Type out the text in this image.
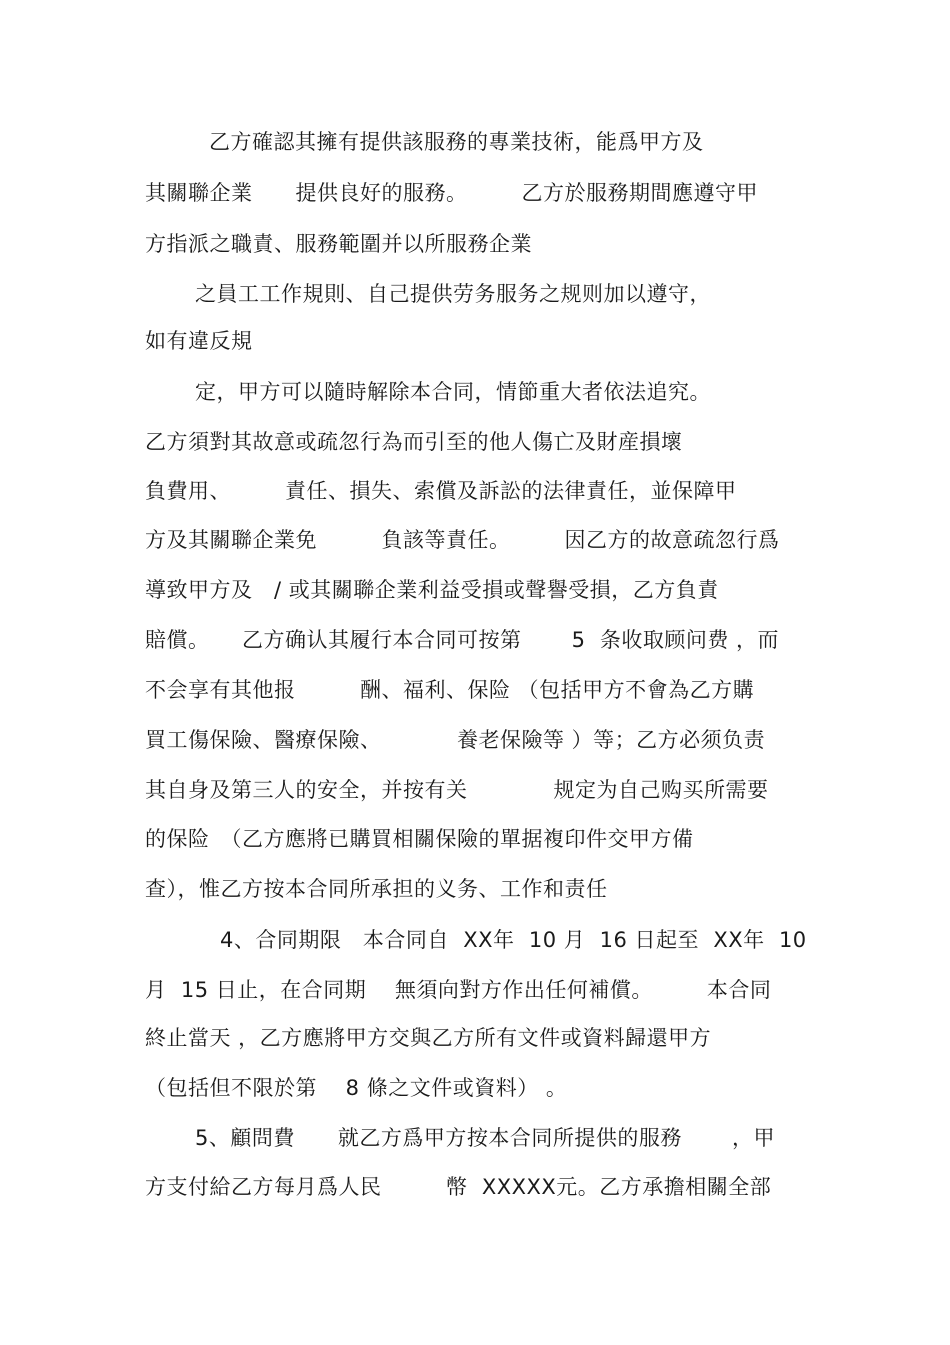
乙方確認其擁有提供該服務的專業技術，能爲甲方及
其關聯企業　　提供良好的服務。　　　乙方於服務期間應遵守甲
方指派之職責、服務範圍并以所服務企業
之員工工作規則、自己提供劳务服务之规则加以遵守，
如有違反規
定，甲方可以隨時解除本合同，情節重大者依法追究。
乙方須對其故意或疏忽行為而引至的他人傷亡及財産損壞
負費用、　　　責任、損失、索償及訴訟的法律責任，並保障甲
方及其關聯企業免　　　負該等責任。　　　因乙方的故意疏忽行爲
導致甲方及　/ 或其關聯企業利益受損或聲譽受損，乙方負責
賠償。　　乙方确认其履行本合同可按第　　 5  条收取顾问费 ，而
不会享有其他报　　　酬、福利、保险 （包括甲方不會為乙方購
買工傷保險、醫療保險、　　　　養老保險等 ）等；乙方必须负责
其自身及第三人的安全，并按有关　　　　规定为自己购买所需要
的保险　（乙方應將已購買相關保險的單据複印件交甲方備
查），惟乙方按本合同所承担的义务、工作和责任
4、合同期限　本合同自  XX年  10 月  16 日起至  XX年  10
月  15 日止，在合同期　 無須向對方作出任何補償。　　　本合同
終止當天 ，乙方應將甲方交與乙方所有文件或資料歸還甲方
（包括但不限於第　 8 條之文件或資料） 。
5、顧問費　　就乙方爲甲方按本合同所提供的服務　　 ，甲
方支付給乙方每月爲人民　　　幣  XXXXX元。乙方承擔相關全部
